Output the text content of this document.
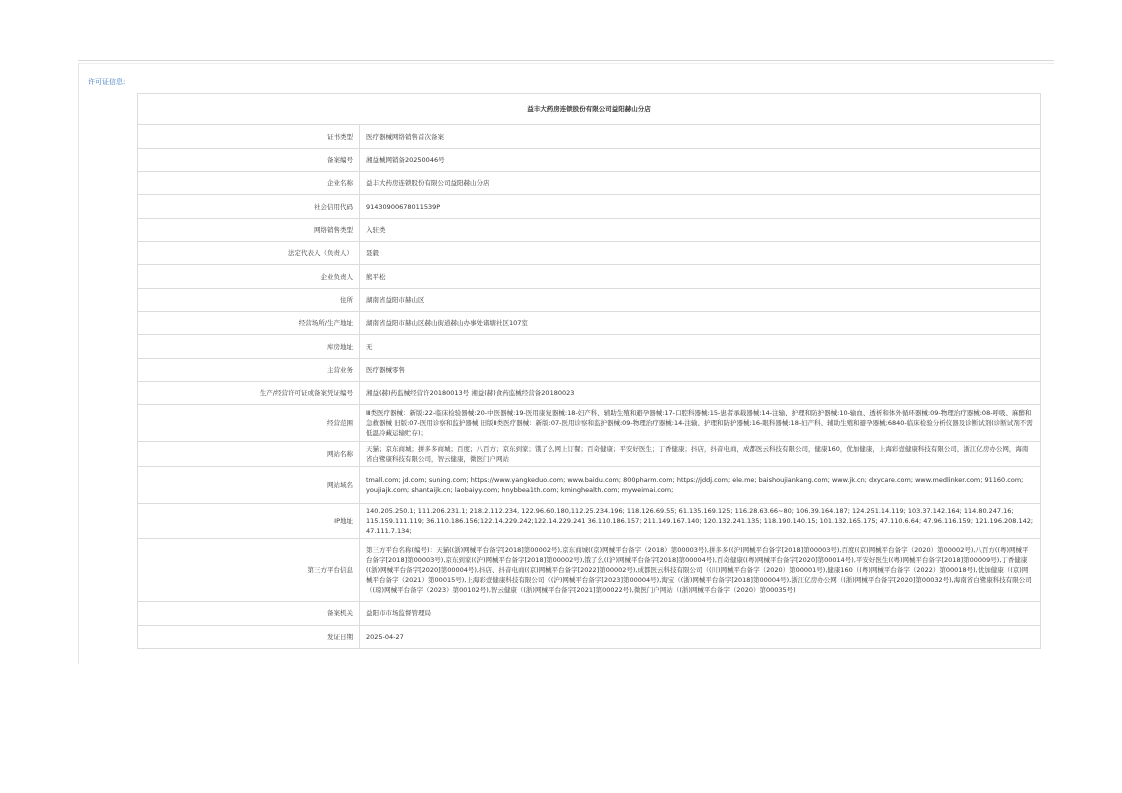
许可证信息:
益丰大药房连锁股份有限公司益阳赫山分店	
证书类型	医疗器械网络销售首次备案
备案编号	湘益械网销备20250046号
企业名称	益丰大药房连锁股份有限公司益阳赫山分店
社会信用代码	91430900678011539P
网络销售类型	入驻类
法定代表人（负责人）	聂毅
企业负责人	熊平松
住所	湖南省益阳市赫山区
经营场所/生产地址	湖南省益阳市赫山区赫山街道赫山办事处诸塘社区107室
库房地址	无
主营业务	医疗器械零售
生产/经营许可证或备案凭证编号	湘益(赫)药监械经营许20180013号 湘益(赫)食药监械经营备20180023
经营范围	Ⅲ类医疗器械：新版:22-临床检验器械:20-中医器械:19-医用康复器械:18-妇产科、辅助生殖和避孕器械:17-口腔科器械:15-患者承载器械:14-注输、护理和防护器械:10-输血、透析和体外循环器械:09-物理治疗器械:08-呼吸、麻醉和急救器械 旧版:07-医用诊察和监护器械 旧版Ⅱ类医疗器械：新版:07-医用诊察和监护器械:09-物理治疗器械:14-注输、护理和防护器械:16-眼科器械:18-妇产科、辅助生殖和避孕器械:6840-临床检验分析仪器及诊断试剂(诊断试剂不需低温冷藏运输贮存)；
网站名称	天猫；京东商城；拼多多商城；百度；八百方；京东到家；饿了么网上订餐；百奇健康；平安好医生；丁香健康；抖店，抖音电商，成都医云科技有限公司，健康160，优加健康，上海彩壹健康科技有限公司，浙江亿房办公网，海南省白鹭康科技有限公司，智云健康，微医门户网站
网站域名	tmall.com; jd.com; suning.com; https://www.yangkeduo.com; www.baidu.com; 800pharm.com; https://jddj.com; ele.me; baishoujiankang.com; www.jk.cn; dxycare.com; www.medlinker.com; 91160.com; youjiajk.com; shantaijk.cn; laobaiyy.com; hnybbea1th.com; kminghealth.com; myweimai.com;
IP地址	140.205.250.1; 111.206.231.1; 218.2.112.234, 122.96.60.180,112.25.234.196; 118.126.69.55; 61.135.169.125; 116.28.63.66~80; 106.39.164.187; 124.251.14.119; 103.37.142.164; 114.80.247.16; 115.159.111.119; 36.110.186.156;122.14.229.242;122.14.229.241 36.110.186.157; 211.149.167.140; 120.132.241.135; 118.190.140.15; 101.132.165.175; 47.110.6.64; 47.96.116.159; 121.196.208.142; 47.111.7.134;
第三方平台信息	第三方平台名称(编号)：天猫((浙)网械平台备字[2018]第00002号),京东商城((京)网械平台备字（2018）第00003号),拼多多((沪)网械平台备字[2018]第00003号),百度((京)网械平台备字（2020）第00002号),八百方((粤)网械平台备字[2018]第00003号),京东到家((沪)网械平台备字[2018]第00002号),饿了么((沪)网械平台备字[2018]第00004号),百奇健康((粤)网械平台备字[2020]第00014号),平安好医生((粤)网械平台备字[2018]第00009号),丁香健康((浙)网械平台备字[2020]第00004号),抖店、抖音电商((京)网械平台备字[2022]第00002号),成都医云科技有限公司（(川)网械平台备字（2020）第00001号),健康160（(粤)网械平台备字（2022）第00018号),优加健康（(京)网械平台备字（2021）第00015号),上海彩壹健康科技有限公司（(沪)网械平台备字[2023]第00004号),淘宝（(浙)网械平台备字[2018]第00004号),浙江亿房办公网（(浙)网械平台备字[2020]第00032号),海南省白鹭康科技有限公司（(琼)网械平台备字（2023）第00102号),智云健康（(浙)网械平台备字[2021]第00022号),微医门户网站（(浙)网械平台备字（2020）第00035号)
备案机关	益阳市市场监督管理局
发证日期	2025-04-27
